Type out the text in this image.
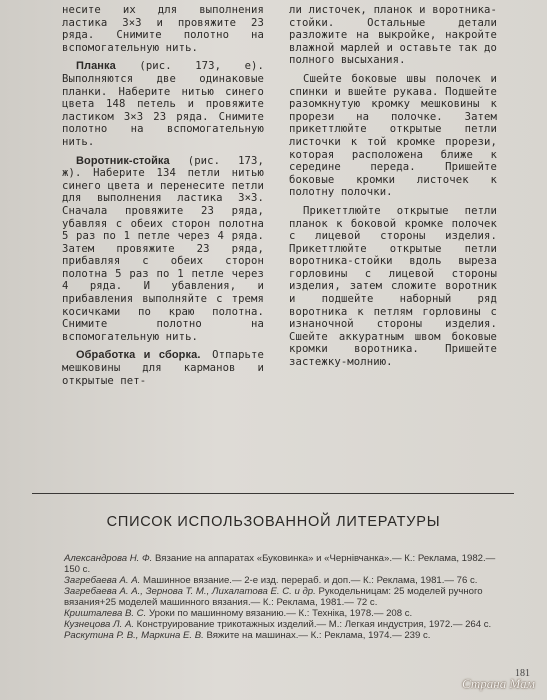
несите их для выполнения ластика 3×3 и провяжите 23 ряда. Снимите полотно на вспомогательную нить.

Планка (рис. 173, е). Выполняются две одинаковые планки. Наберите нитью синего цвета 148 петель и провяжите ластиком 3×3 23 ряда. Снимите полотно на вспомогательную нить.

Воротник-стойка (рис. 173, ж). Наберите 134 петли нитью синего цвета и перенесите петли для выполнения ластика 3×3. Сначала провяжите 23 ряда, убавляя с обеих сторон полотна 5 раз по 1 петле через 4 ряда. Затем провяжите 23 ряда, прибавляя с обеих сторон полотна 5 раз по 1 петле через 4 ряда. И убавления, и прибавления выполняйте с тремя косичками по краю полотна. Снимите полотно на вспомогательную нить.

Обработка и сборка. Отпарьте мешковины для карманов и открытые пет-

ли листочек, планок и воротника-стойки. Остальные детали разложите на выкройке, накройте влажной марлей и оставьте так до полного высыхания.

Сшейте боковые швы полочек и спинки и вшейте рукава. Подшейте разомкнутую кромку мешковины к прорези на полочке. Затем прикеттлюйте открытые петли листочки к той кромке прорези, которая расположена ближе к середине переда. Пришейте боковые кромки листочек к полотну полочки.

Прикеттлюйте открытые петли планок к боковой кромке полочек с лицевой стороны изделия. Прикеттлюйте открытые петли воротника-стойки вдоль выреза горловины с лицевой стороны изделия, затем сложите воротник и подшейте наборный ряд воротника к петлям горловины с изнаночной стороны изделия. Сшейте аккуратным швом боковые кромки воротника. Пришейте застежку-молнию.

СПИСОК ИСПОЛЬЗОВАННОЙ ЛИТЕРАТУРЫ
Александрова Н. Ф. Вязание на аппаратах «Буковинка» и «Чернівчанка».— К.: Реклама, 1982.— 150 с.
Загребаева А. А. Машинное вязание.— 2-е изд. перераб. и доп.— К.: Реклама, 1981.— 76 с.
Загребаева А. А., Зернова Т. М., Лихалатова Е. С. и др. Рукодельницам: 25 моделей ручного вязания+25 моделей машинного вязания.— К.: Реклама, 1981.— 72 с.
Кришталева В. С. Уроки по машинному вязанию.— К.: Техніка, 1978.— 208 с.
Кузнецова Л. А. Конструирование трикотажных изделий.— М.: Легкая индустрия, 1972.— 264 с.
Раскутина Р. В., Маркина Е. В. Вяжите на машинах.— К.: Реклама, 1974.— 239 с.
181
Страна Мам
